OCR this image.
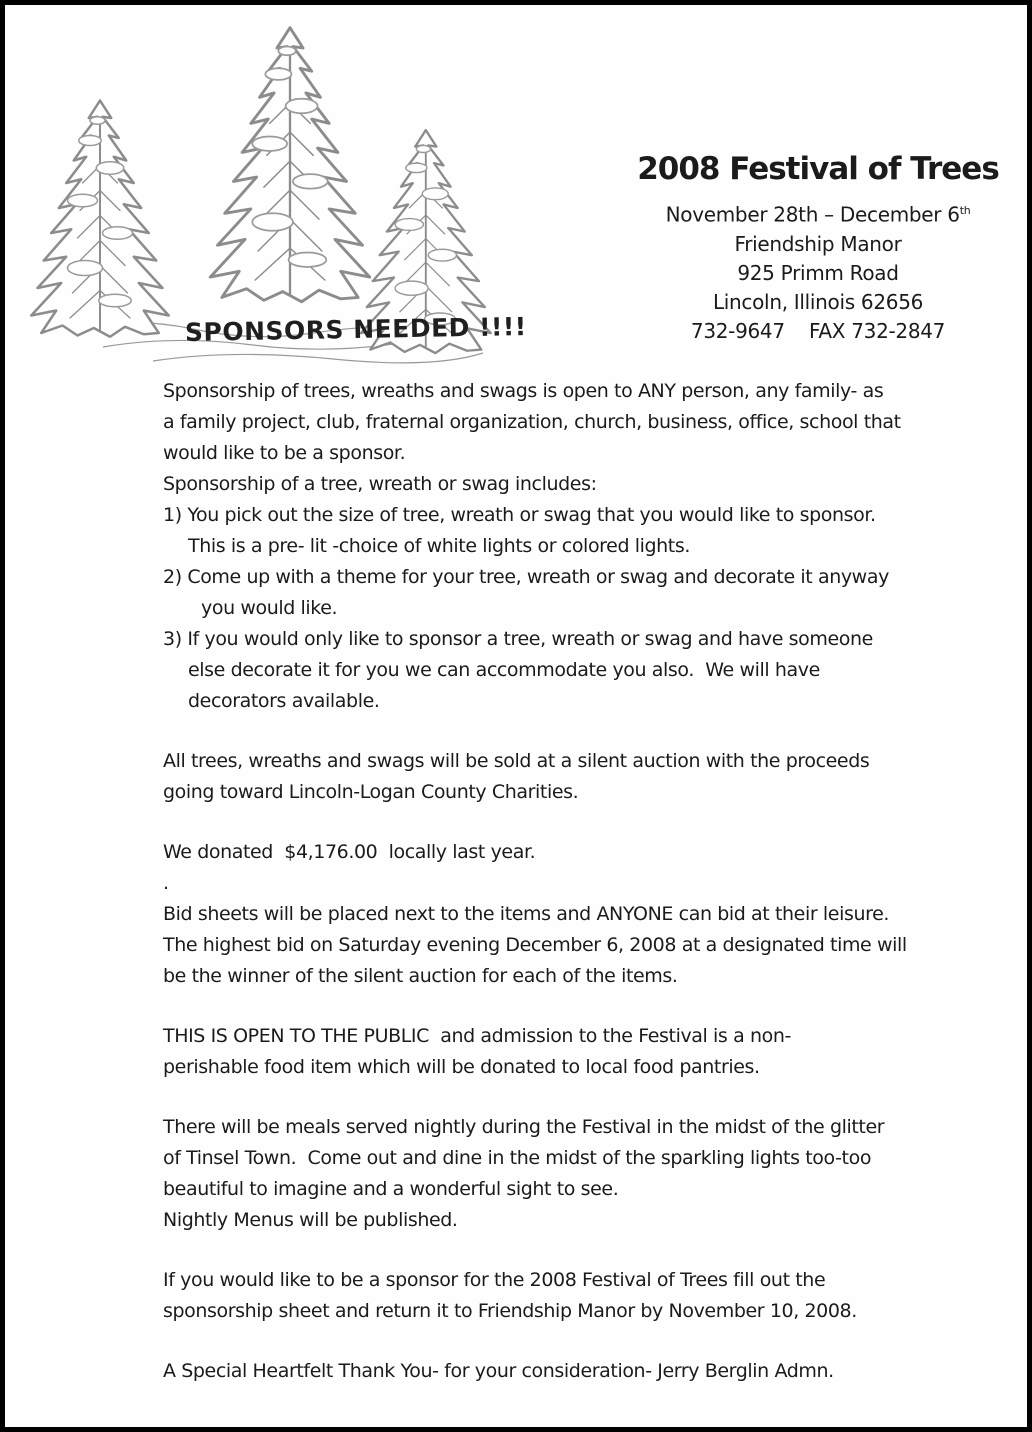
SPONSORS NEEDED !!!!
2008 Festival of Trees
November 28th – December 6th
Friendship Manor
925 Primm Road
Lincoln, Illinois 62656
732-9647    FAX 732-2847
Sponsorship of trees, wreaths and swags is open to ANY person, any family- as
a family project, club, fraternal organization, church, business, office, school that
would like to be a sponsor.
Sponsorship of a tree, wreath or swag includes:
1) You pick out the size of tree, wreath or swag that you would like to sponsor.
This is a pre- lit -choice of white lights or colored lights.
2) Come up with a theme for your tree, wreath or swag and decorate it anyway
you would like.
3) If you would only like to sponsor a tree, wreath or swag and have someone
else decorate it for you we can accommodate you also.  We will have
decorators available.
All trees, wreaths and swags will be sold at a silent auction with the proceeds
going toward Lincoln-Logan County Charities.
We donated  $4,176.00  locally last year.
.
Bid sheets will be placed next to the items and ANYONE can bid at their leisure.
The highest bid on Saturday evening December 6, 2008 at a designated time will
be the winner of the silent auction for each of the items.
THIS IS OPEN TO THE PUBLIC  and admission to the Festival is a non-
perishable food item which will be donated to local food pantries.
There will be meals served nightly during the Festival in the midst of the glitter
of Tinsel Town.  Come out and dine in the midst of the sparkling lights too-too
beautiful to imagine and a wonderful sight to see.
Nightly Menus will be published.
If you would like to be a sponsor for the 2008 Festival of Trees fill out the
sponsorship sheet and return it to Friendship Manor by November 10, 2008.
A Special Heartfelt Thank You- for your consideration- Jerry Berglin Admn.
